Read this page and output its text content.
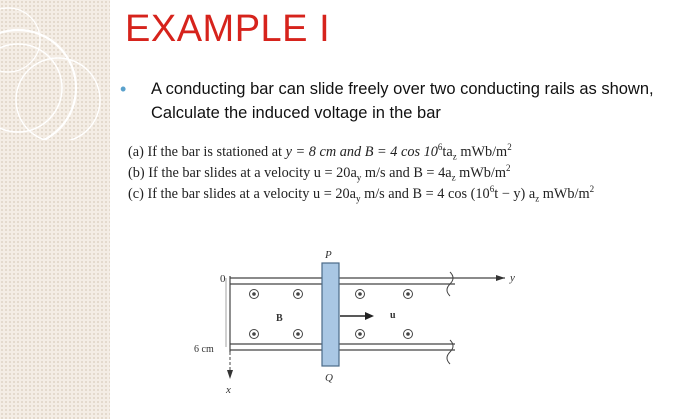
EXAMPLE I
• A conducting bar can slide freely over two conducting rails as shown, Calculate the induced voltage in the bar
(a) If the bar is stationed at y = 8 cm and B = 4 $\cos 10^6ta_z$ mWb/$m^2$
(b) If the bar slides at a velocity $u = 20a_y$ m/s and $B = 4a_z$ mWb/$m^2$
(c) If the bar slides at a velocity $u = 20a_y$ m/s and B = 4 $\cos (10^6t - y)$ $a_z$ mWb/$m^2$
P
Q
y
x
0
B	u
6 cm
